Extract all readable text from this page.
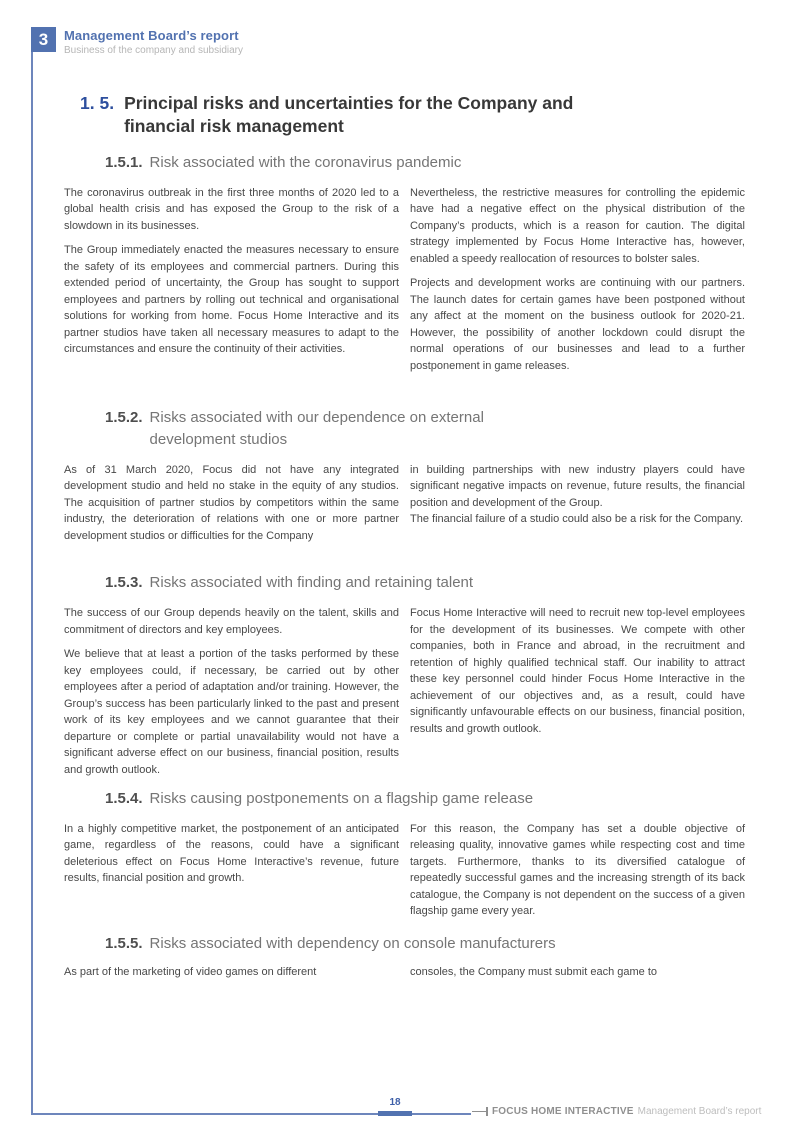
3 Management Board’s report
Business of the company and subsidiary
1. 5. Principal risks and uncertainties for the Company and financial risk management
1.5.1. Risk associated with the coronavirus pandemic

The coronavirus outbreak in the first three months of 2020 led to a global health crisis and has exposed the Group to the risk of a slowdown in its businesses.

The Group immediately enacted the measures necessary to ensure the safety of its employees and commercial partners. During this extended period of uncertainty, the Group has sought to support employees and partners by rolling out technical and organisational solutions for working from home. Focus Home Interactive and its partner studios have taken all necessary measures to adapt to the circumstances and ensure the continuity of their activities.

Nevertheless, the restrictive measures for controlling the epidemic have had a negative effect on the physical distribution of the Company’s products, which is a reason for caution. The digital strategy implemented by Focus Home Interactive has, however, enabled a speedy reallocation of resources to bolster sales.

Projects and development works are continuing with our partners. The launch dates for certain games have been postponed without any affect at the moment on the business outlook for 2020-21. However, the possibility of another lockdown could disrupt the normal operations of our businesses and lead to a further postponement in game releases.

1.5.2. Risks associated with our dependence on external development studios

As of 31 March 2020, Focus did not have any integrated development studio and held no stake in the equity of any studios. The acquisition of partner studios by competitors within the same industry, the deterioration of relations with one or more partner development studios or difficulties for the Company

in building partnerships with new industry players could have significant negative impacts on revenue, future results, the financial position and development of the Group.

The financial failure of a studio could also be a risk for the Company.

1.5.3. Risks associated with finding and retaining talent

The success of our Group depends heavily on the talent, skills and commitment of directors and key employees.

We believe that at least a portion of the tasks performed by these key employees could, if necessary, be carried out by other employees after a period of adaptation and/or training. However, the Group’s success has been particularly linked to the past and present work of its key employees and we cannot guarantee that their departure or complete or partial unavailability would not have a significant adverse effect on our business, financial position, results and growth outlook.

Focus Home Interactive will need to recruit new top-level employees for the development of its businesses. We compete with other companies, both in France and abroad, in the recruitment and retention of highly qualified technical staff. Our inability to attract these key personnel could hinder Focus Home Interactive in the achievement of our objectives and, as a result, could have significantly unfavourable effects on our business, financial position, results and growth outlook.

1.5.4. Risks causing postponements on a flagship game release

In a highly competitive market, the postponement of an anticipated game, regardless of the reasons, could have a significant deleterious effect on Focus Home Interactive’s revenue, future results, financial position and growth.

For this reason, the Company has set a double objective of releasing quality, innovative games while respecting cost and time targets. Furthermore, thanks to its diversified catalogue of repeatedly successful games and the increasing strength of its back catalogue, the Company is not dependent on the success of a given flagship game every year.

1.5.5. Risks associated with dependency on console manufacturers

As part of the marketing of video games on different	consoles, the Company must submit each game to

18
FOCUS HOME INTERACTIVE Management Board’s report
